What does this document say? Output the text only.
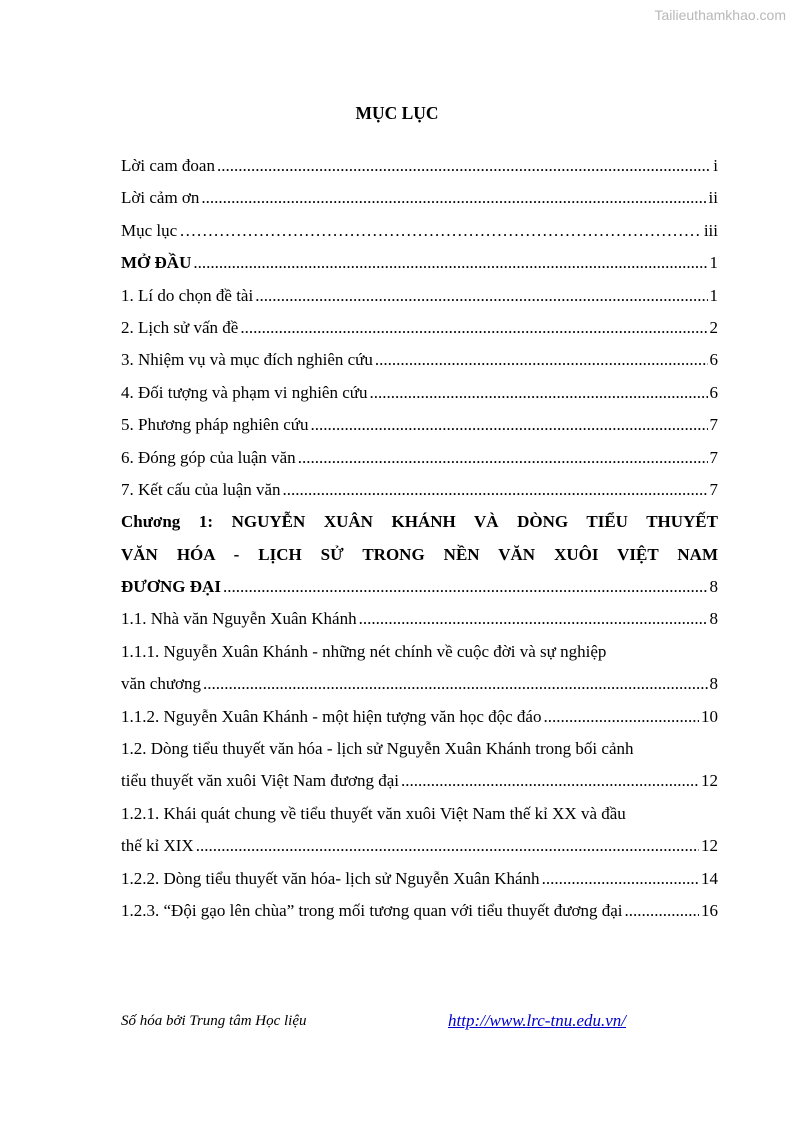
Tailieuthamkhao.com
MỤC LỤC
Lời cam đoan .....	i
Lời cảm ơn .....	ii
Mục lục …………………………………………………………………………………………………………………………………………………………………	iii
MỞ ĐẦU .....	1
1. Lí do chọn đề tài .....	1
2. Lịch sử vấn đề .....	2
3. Nhiệm vụ và mục đích nghiên cứu .....	6
4. Đối tượng và phạm vi nghiên cứu .....	6
5. Phương pháp nghiên cứu .....	7
6. Đóng góp của luận văn .....	7
7. Kết cấu của luận văn .....	7
Chương 1: NGUYỄN XUÂN KHÁNH VÀ DÒNG TIỂU THUYẾT
VĂN HÓA - LỊCH SỬ TRONG NỀN VĂN XUÔI VIỆT NAM
ĐƯƠNG ĐẠI .....	8
1.1. Nhà văn Nguyễn Xuân Khánh .....	8
1.1.1. Nguyễn Xuân Khánh - những nét chính về cuộc đời và sự nghiệp
văn chương .....	8
1.1.2. Nguyễn Xuân Khánh - một hiện tượng văn học độc đáo .....	10
1.2. Dòng tiểu thuyết văn hóa - lịch sử Nguyễn Xuân Khánh trong bối cảnh
tiểu thuyết văn xuôi Việt Nam đương đại .....	12
1.2.1. Khái quát chung về tiểu thuyết văn xuôi Việt Nam thế kỉ XX và đầu
thế kỉ XIX .....	12
1.2.2. Dòng tiểu thuyết văn hóa- lịch sử Nguyễn Xuân Khánh .....	14
1.2.3. “Đội gạo lên chùa” trong mối tương quan với tiểu thuyết đương đại .....	16
Số hóa bởi Trung tâm Học liệu	http://www.lrc-tnu.edu.vn/
